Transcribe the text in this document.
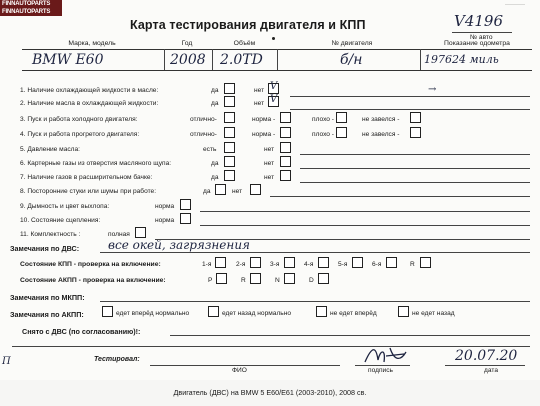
FINNAUTOPARTS
FINNAUTOPARTS
Карта тестирования двигателя и КПП	V4196
№ авто
—————
Марка, модель	Год	Объём	№ двигателя	Показание одометра
BMW E60	2008 2.0TD	б/н	197624 миль
1. Наличие охлаждающей жидкости в масле:	да	нет V	→
2. Наличие масла в охлаждающей жидкости:	да	нет V
3. Пуск и работа холодного двигателя:	отлично-	норма -	плохо -	не завелся -
4. Пуск и работа прогретого двигателя:	отлично-	норма -	плохо -	не завелся -
5. Давление масла:	есть	нет
6. Картерные газы из отверстия масляного щупа:	да	нет
7. Наличие газов в расширительном бачке:	да	нет
8. Посторонние стуки или шумы при работе:	да	нет
9. Дымность и цвет выхлопа:	норма
10. Состояние сцепления:	норма
11. Комплектность :	полная
Замечания по ДВС: все окей, загрязнения
Состояние КПП - проверка на включение:	1-я	2-я	3-я	4-я	5-я	6-я	R
Состояние АКПП - проверка на включение:	P	R	N	D
Замечания по МКПП:
Замечания по АКПП:	едет вперёд нормально	едет назад нормально	не едет вперёд	не едет назад
Снято с ДВС (по согласованию)!:
Тестировал:
ФИО	подпись
20.07.20
дата
П
Двигатель (ДВС) на BMW 5 E60/E61 (2003-2010), 2008 св.
